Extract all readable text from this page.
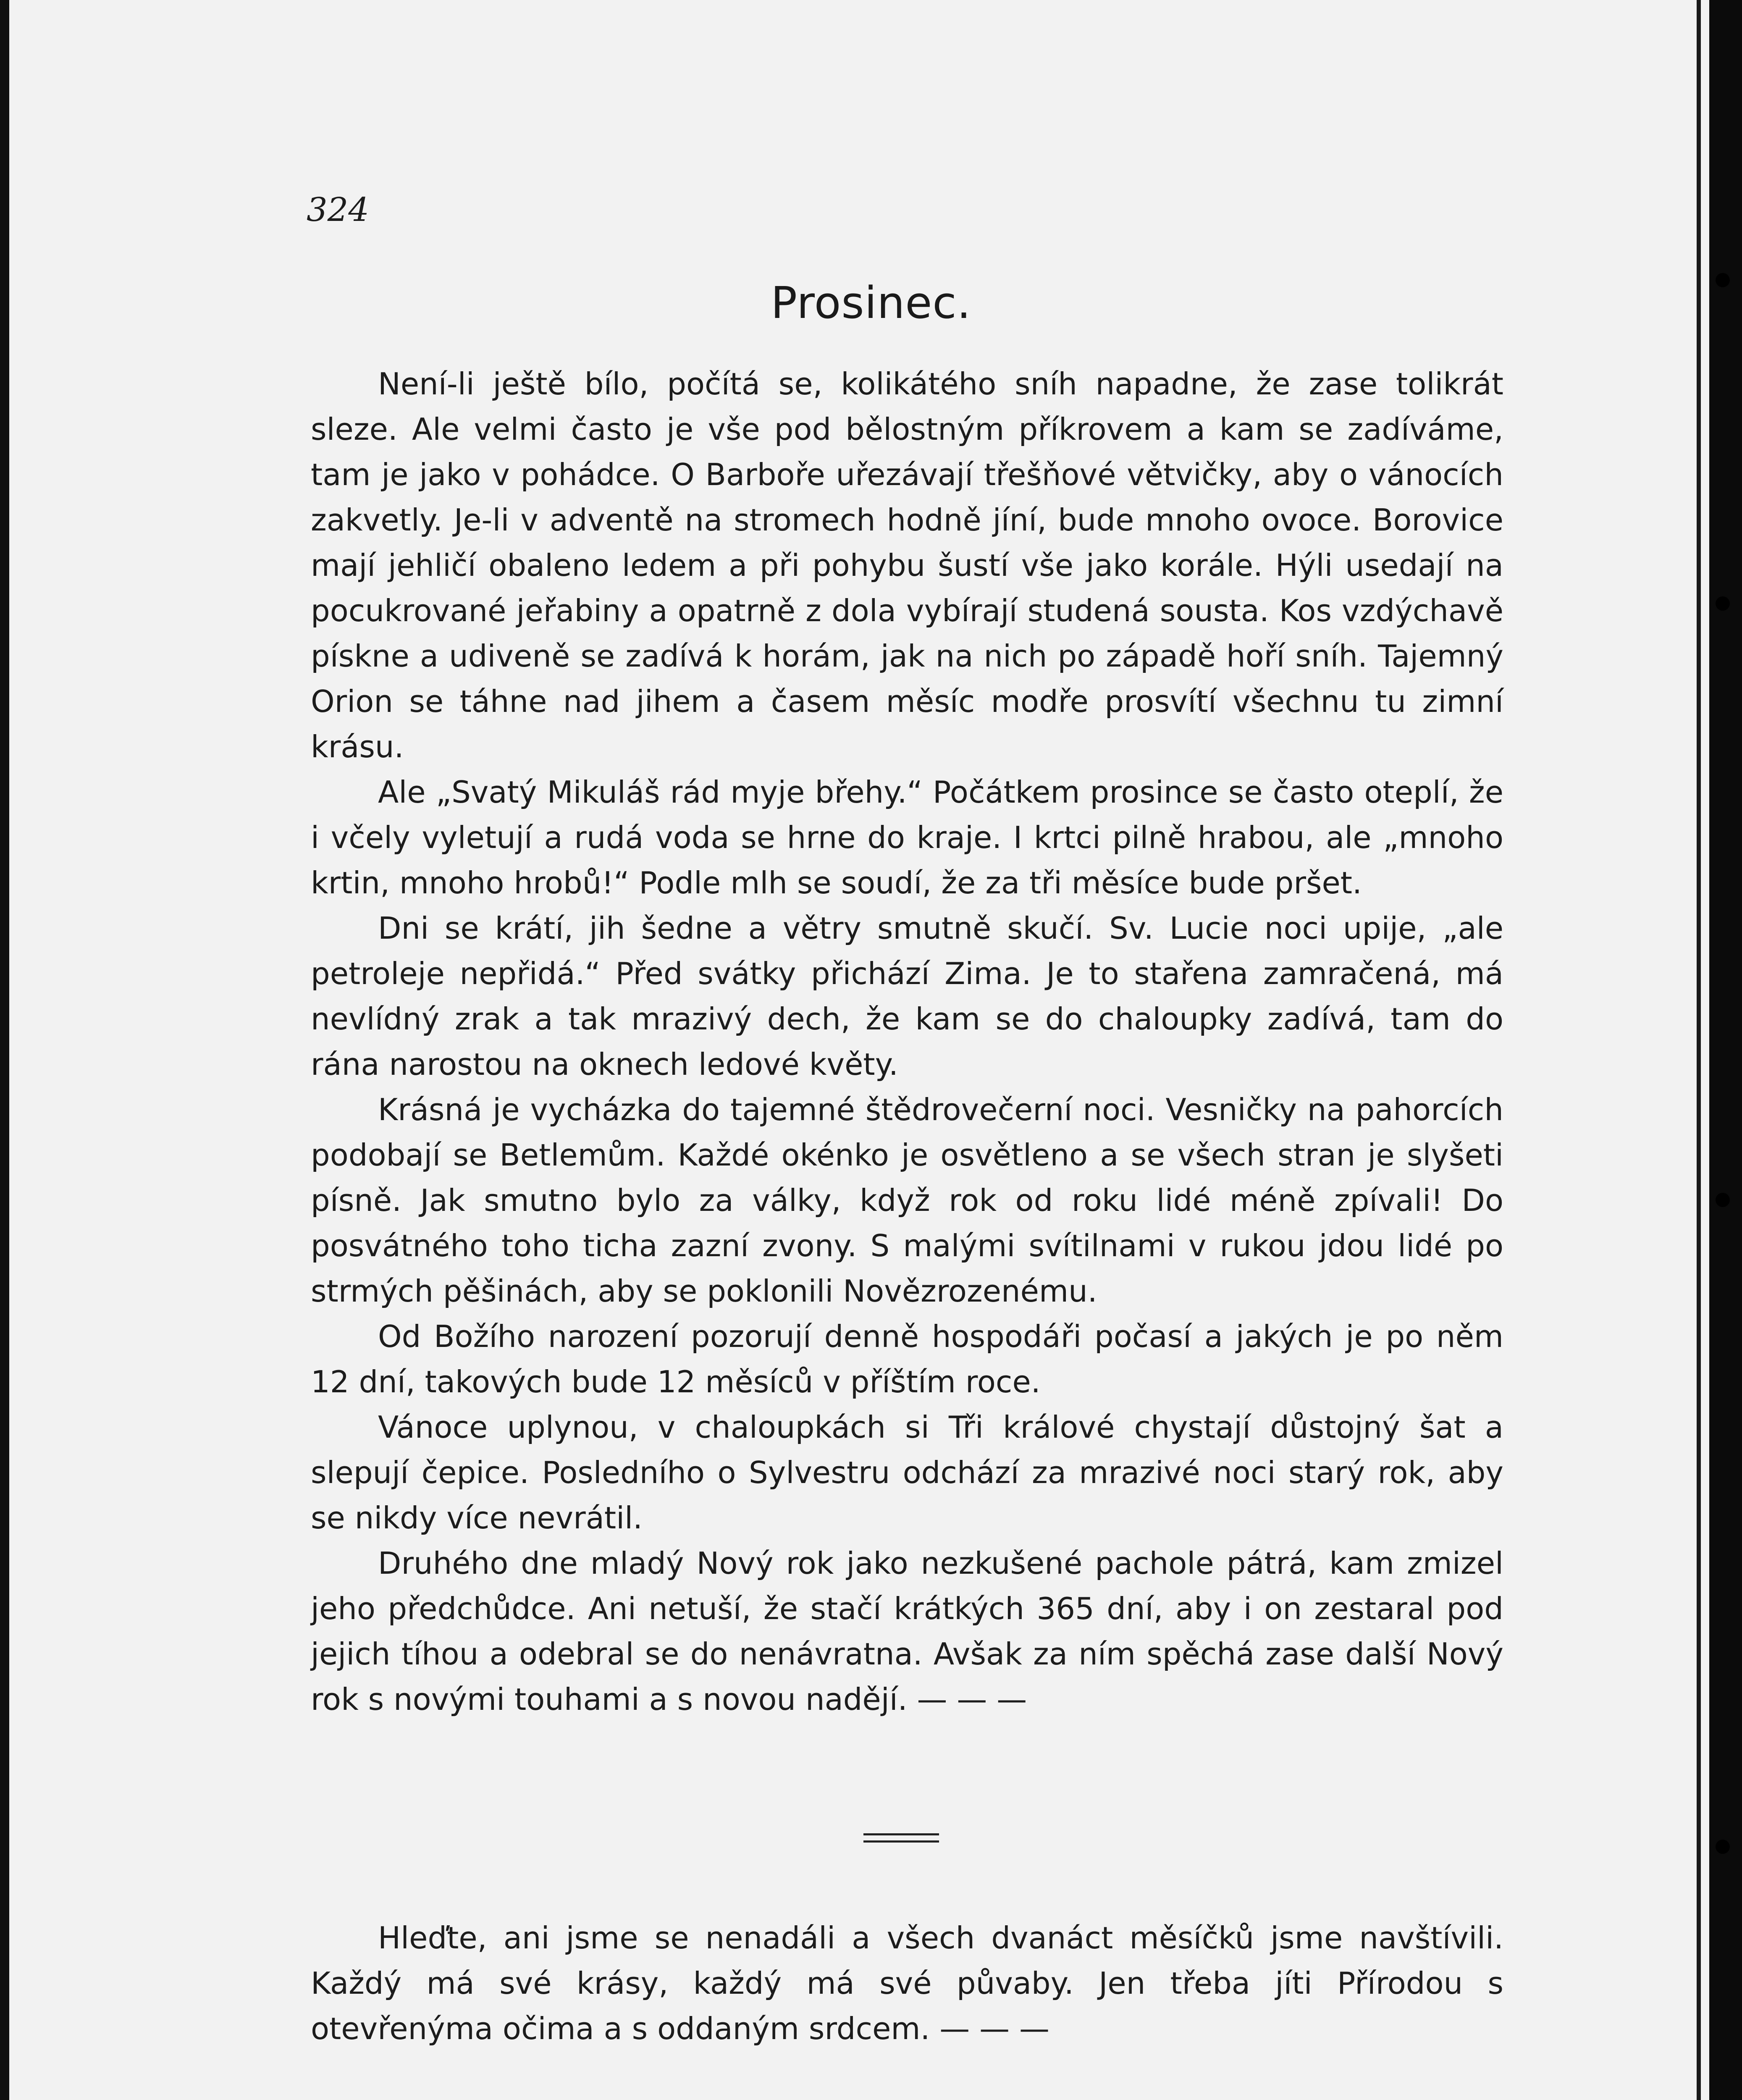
324
Prosinec.

Není-li ještě bílo, počítá se, kolikátého sníh napadne, že zase tolikrát sleze. Ale velmi často je vše pod bělostným příkrovem a kam se zadíváme, tam je jako v pohádce. O Barboře uřezávají třešňové větvičky, aby o vánocích zakvetly. Je-li v adventě na stromech hodně jíní, bude mnoho ovoce. Borovice mají jehličí obaleno ledem a při pohybu šustí vše jako korále. Hýli usedají na pocukrované jeřabiny a opatrně z dola vybírají studená sousta. Kos vzdýchavě pískne a udiveně se zadívá k horám, jak na nich po západě hoří sníh. Tajemný Orion se táhne nad jihem a časem měsíc modře prosvítí všechnu tu zimní krásu.

Ale „Svatý Mikuláš rád myje břehy.“ Počátkem prosince se často oteplí, že i včely vyletují a rudá voda se hrne do kraje. I krtci pilně hrabou, ale „mnoho krtin, mnoho hrobů!“ Podle mlh se soudí, že za tři měsíce bude pršet.

Dni se krátí, jih šedne a větry smutně skučí. Sv. Lucie noci upije, „ale petroleje nepřidá.“ Před svátky přichází Zima. Je to stařena zamračená, má nevlídný zrak a tak mrazivý dech, že kam se do chaloupky zadívá, tam do rána narostou na oknech ledové květy.

Krásná je vycházka do tajemné štědrovečerní noci. Vesničky na pahorcích podobají se Betlemům. Každé okénko je osvětleno a se všech stran je slyšeti písně. Jak smutno bylo za války, když rok od roku lidé méně zpívali! Do posvátného toho ticha zazní zvony. S malými svítilnami v rukou jdou lidé po strmých pěšinách, aby se poklonili Novězrozenému.

Od Božího narození pozorují denně hospodáři počasí a jakých je po něm 12 dní, takových bude 12 měsíců v příštím roce.

Vánoce uplynou, v chaloupkách si Tři králové chystají důstojný šat a slepují čepice. Posledního o Sylvestru odchází za mrazivé noci starý rok, aby se nikdy více nevrátil.

Druhého dne mladý Nový rok jako nezkušené pachole pátrá, kam zmizel jeho předchůdce. Ani netuší, že stačí krátkých 365 dní, aby i on zestaral pod jejich tíhou a odebral se do nenávratna. Avšak za ním spěchá zase další Nový rok s novými touhami a s novou nadějí. — — —

Hleďte, ani jsme se nenadáli a všech dvanáct měsíčků jsme navštívili. Každý má své krásy, každý má své půvaby. Jen třeba jíti Přírodou s otevřenýma očima a s oddaným srdcem. — — —
